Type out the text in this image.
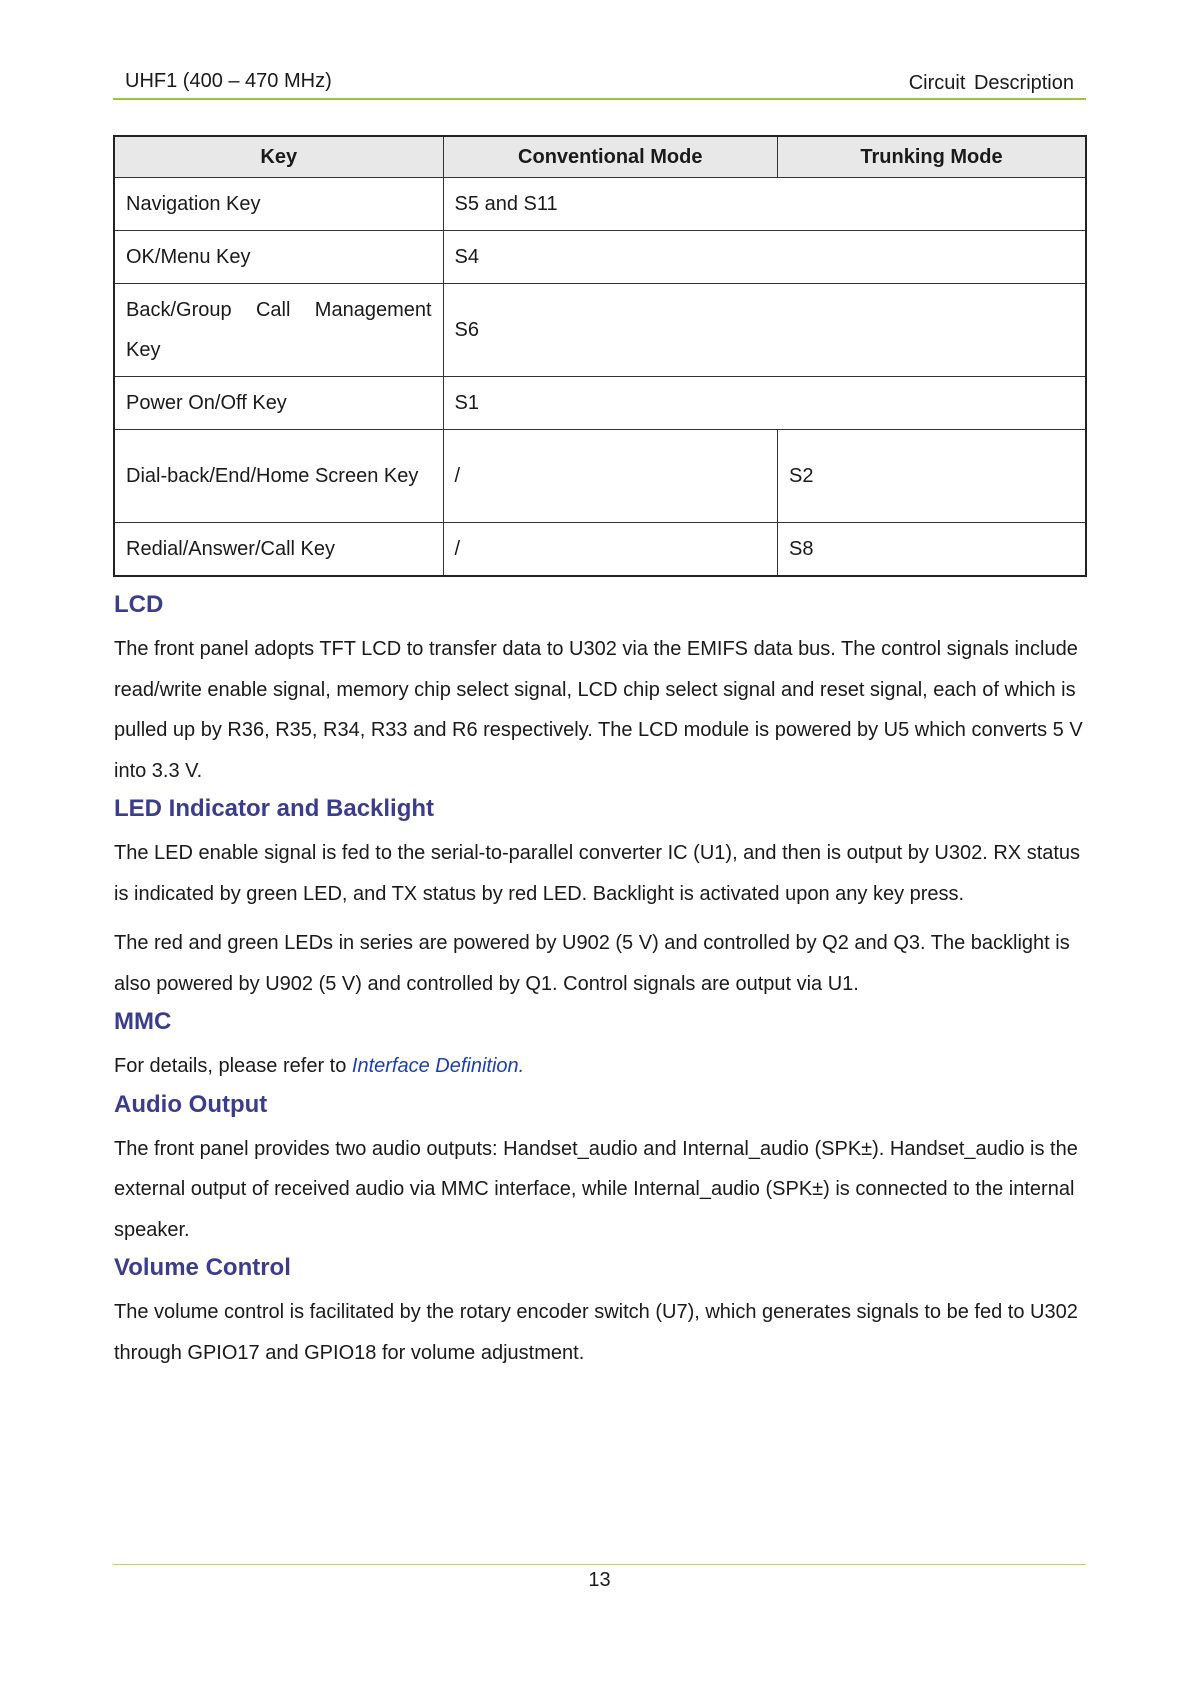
UHF1 (400 – 470 MHz)	Circuit Description
Key	Conventional Mode	Trunking Mode
Navigation Key	S5 and S11	
OK/Menu Key	S4	
Back/Group Call Management Key	S6	
Power On/Off Key	S1	
Dial-back/End/Home Screen Key	/	S2
Redial/Answer/Call Key	/	S8
LCD

The front panel adopts TFT LCD to transfer data to U302 via the EMIFS data bus. The control signals include read/write enable signal, memory chip select signal, LCD chip select signal and reset signal, each of which is pulled up by R36, R35, R34, R33 and R6 respectively. The LCD module is powered by U5 which converts 5 V into 3.3 V.

LED Indicator and Backlight

The LED enable signal is fed to the serial-to-parallel converter IC (U1), and then is output by U302. RX status is indicated by green LED, and TX status by red LED. Backlight is activated upon any key press.

The red and green LEDs in series are powered by U902 (5 V) and controlled by Q2 and Q3. The backlight is also powered by U902 (5 V) and controlled by Q1. Control signals are output via U1.

MMC

For details, please refer to Interface Definition.

Audio Output

The front panel provides two audio outputs: Handset_audio and Internal_audio (SPK±). Handset_audio is the external output of received audio via MMC interface, while Internal_audio (SPK±) is connected to the internal speaker.

Volume Control

The volume control is facilitated by the rotary encoder switch (U7), which generates signals to be fed to U302 through GPIO17 and GPIO18 for volume adjustment.

13
